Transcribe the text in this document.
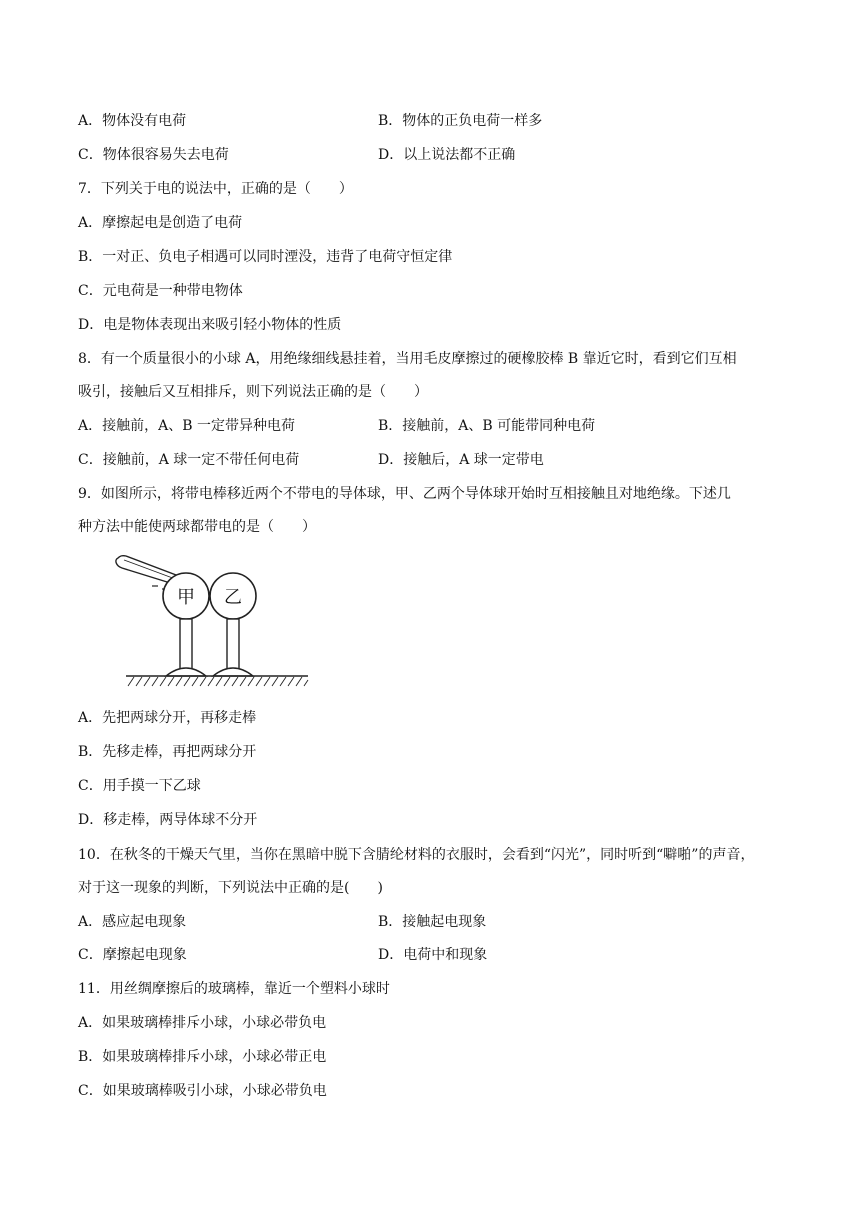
A．物体没有电荷	B．物体的正负电荷一样多
C．物体很容易失去电荷	D．以上说法都不正确
7．下列关于电的说法中，正确的是（　　）
A．摩擦起电是创造了电荷
B．一对正、负电子相遇可以同时湮没，违背了电荷守恒定律
C．元电荷是一种带电物体
D．电是物体表现出来吸引轻小物体的性质
8．有一个质量很小的小球 A，用绝缘细线悬挂着，当用毛皮摩擦过的硬橡胶棒 B 靠近它时，看到它们互相
吸引，接触后又互相排斥，则下列说法正确的是（　　）
A．接触前，A、B 一定带异种电荷	B．接触前，A、B 可能带同种电荷
C．接触前，A 球一定不带任何电荷	D．接触后，A 球一定带电
9．如图所示，将带电棒移近两个不带电的导体球，甲、乙两个导体球开始时互相接触且对地绝缘。下述几
种方法中能使两球都带电的是（　　）
甲 乙
A．先把两球分开，再移走棒
B．先移走棒，再把两球分开
C．用手摸一下乙球
D．移走棒，两导体球不分开
10．在秋冬的干燥天气里，当你在黑暗中脱下含腈纶材料的衣服时，会看到“闪光”，同时听到“噼啪”的声音，
对于这一现象的判断，下列说法中正确的是(　　)
A．感应起电现象	B．接触起电现象
C．摩擦起电现象	D．电荷中和现象
11．用丝绸摩擦后的玻璃棒，靠近一个塑料小球时
A．如果玻璃棒排斥小球，小球必带负电
B．如果玻璃棒排斥小球，小球必带正电
C．如果玻璃棒吸引小球，小球必带负电
